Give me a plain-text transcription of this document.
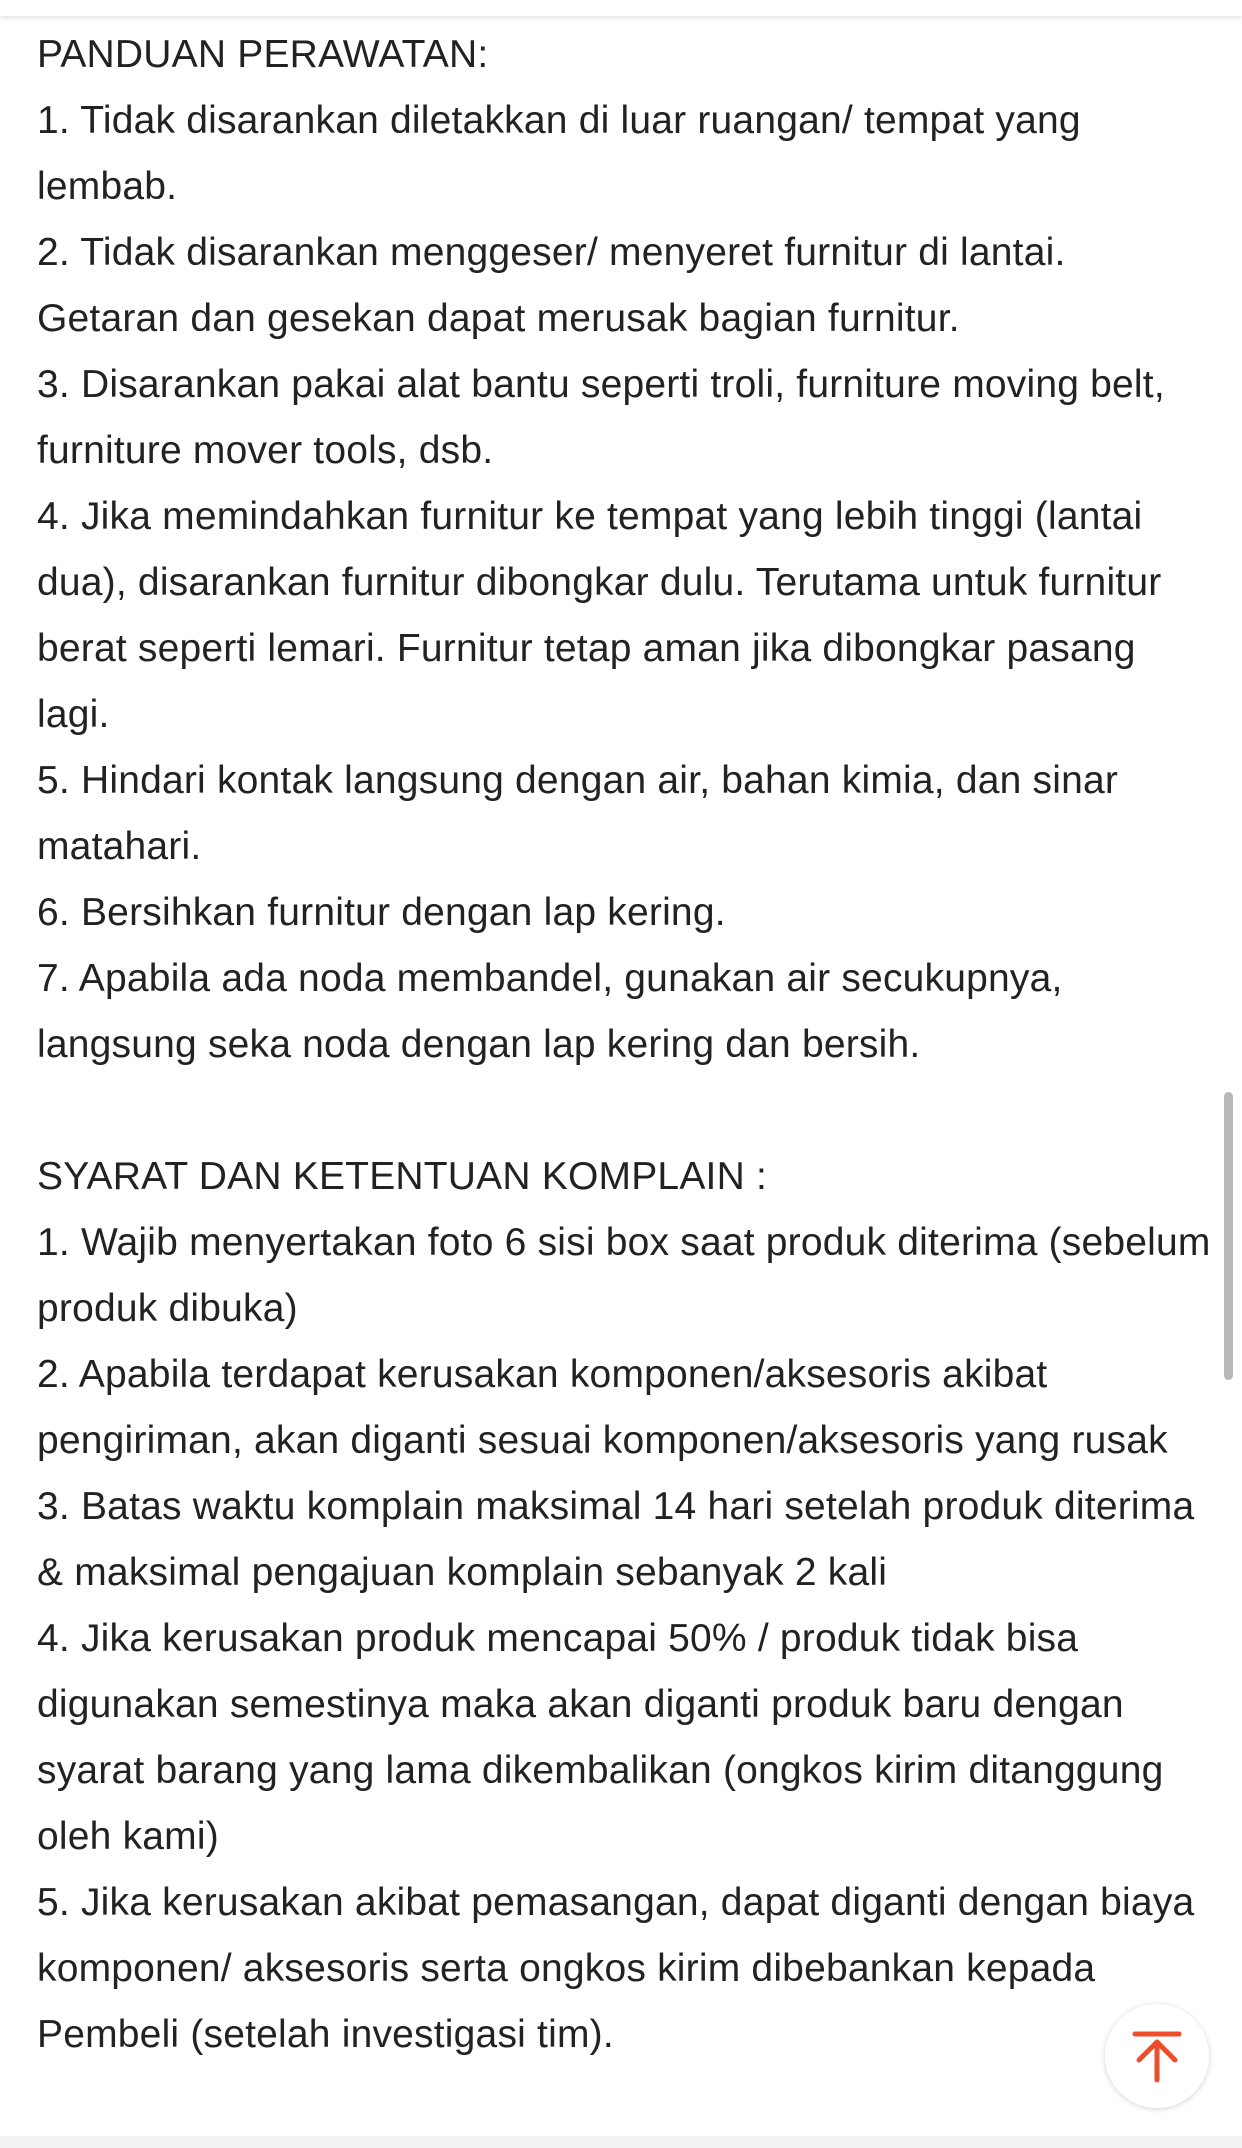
PANDUAN PERAWATAN:

1. Tidak disarankan diletakkan di luar ruangan/ tempat yang lembab.

2. Tidak disarankan menggeser/ menyeret furnitur di lantai. Getaran dan gesekan dapat merusak bagian furnitur.

3. Disarankan pakai alat bantu seperti troli, furniture moving belt, furniture mover tools, dsb.

4. Jika memindahkan furnitur ke tempat yang lebih tinggi (lantai dua), disarankan furnitur dibongkar dulu. Terutama untuk furnitur berat seperti lemari. Furnitur tetap aman jika dibongkar pasang lagi.

5. Hindari kontak langsung dengan air, bahan kimia, dan sinar matahari.

6. Bersihkan furnitur dengan lap kering.

7. Apabila ada noda membandel, gunakan air secukupnya, langsung seka noda dengan lap kering dan bersih.

SYARAT DAN KETENTUAN KOMPLAIN :

1. Wajib menyertakan foto 6 sisi box saat produk diterima (sebelum produk dibuka)

2. Apabila terdapat kerusakan komponen/aksesoris akibat pengiriman, akan diganti sesuai komponen/aksesoris yang rusak

3. Batas waktu komplain maksimal 14 hari setelah produk diterima & maksimal pengajuan komplain sebanyak 2 kali

4. Jika kerusakan produk mencapai 50% / produk tidak bisa digunakan semestinya maka akan diganti produk baru dengan syarat barang yang lama dikembalikan (ongkos kirim ditanggung oleh kami)

5. Jika kerusakan akibat pemasangan, dapat diganti dengan biaya komponen/ aksesoris serta ongkos kirim dibebankan kepada Pembeli (setelah investigasi tim).
